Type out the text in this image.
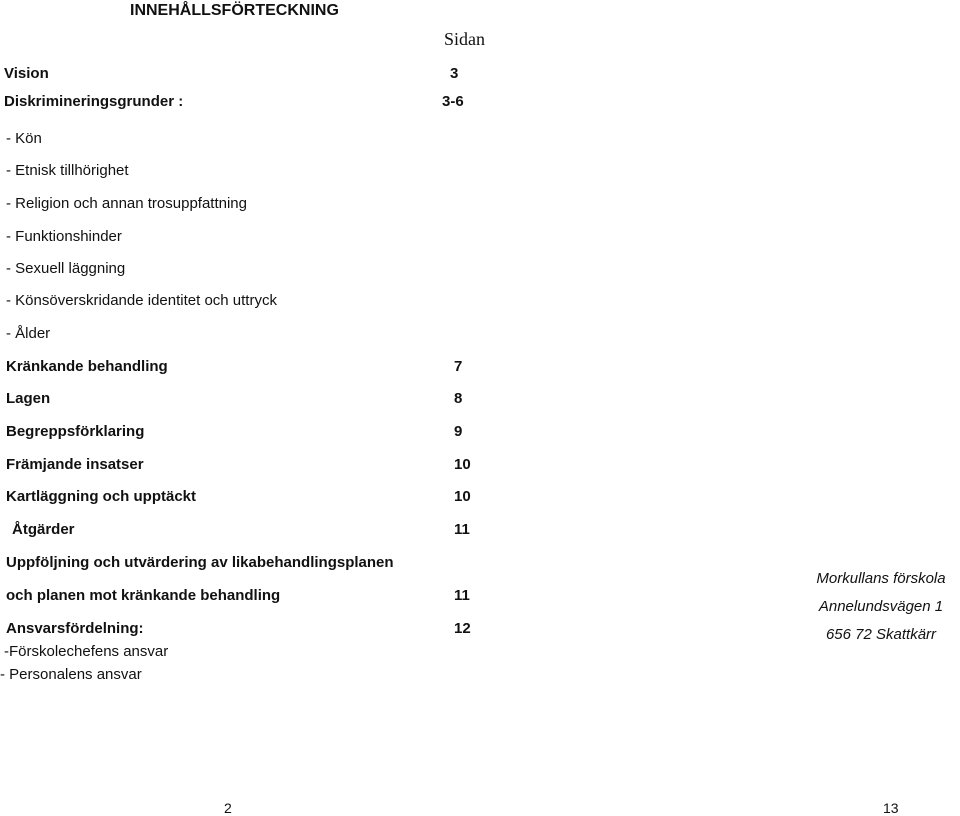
INNEHÅLLSFÖRTECKNING
Sidan
Vision	3
Diskrimineringsgrunder :	3-6
- Kön
- Etnisk tillhörighet
- Religion och annan trosuppfattning
- Funktionshinder
- Sexuell läggning
- Könsöverskridande identitet och uttryck
- Ålder
Kränkande behandling	7
Lagen	8
Begreppsförklaring	9
Främjande insatser	10
Kartläggning och upptäckt	10
Åtgärder	11
Uppföljning och utvärdering av likabehandlingsplanen
och planen mot kränkande behandling	11
Ansvarsfördelning:	12
-Förskolechefens ansvar
- Personalens ansvar
Morkullans förskola
Annelundsvägen 1
656 72 Skattkärr
2	13
